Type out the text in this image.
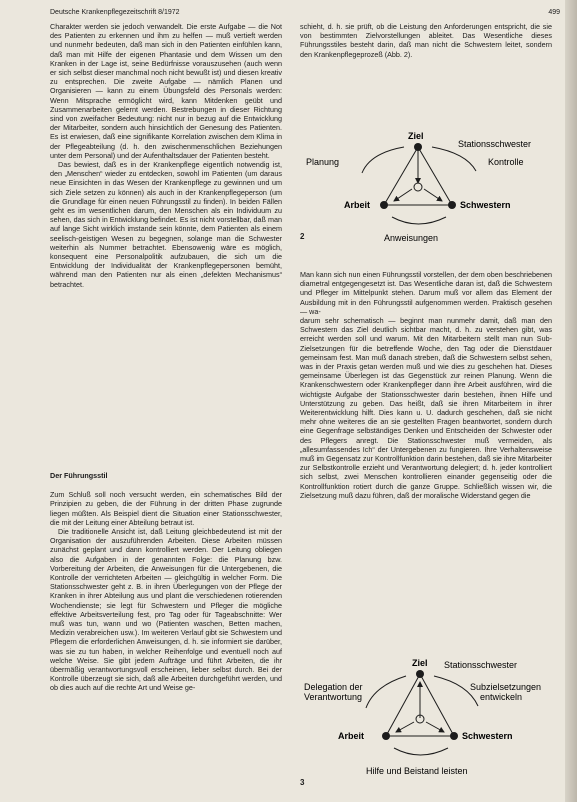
Deutsche Krankenpflegezeitschrift 8/1972	499

Charakter werden sie jedoch verwandelt. Die erste Aufgabe — die Not des Patienten zu erkennen und ihm zu helfen — muß vertieft werden und nunmehr bedeuten, daß man sich in den Patienten einfühlen kann, daß man mit Hilfe der eigenen Phantasie und dem Wissen um den Kranken in der Lage ist, seine Bedürfnisse vorauszusehen (auch wenn er sich selbst dieser manchmal noch nicht bewußt ist) und diesen kreativ zu entsprechen. Die zweite Aufgabe — nämlich Planen und Organisieren — kann zu einem Übungsfeld des Personals werden: Wenn Mitsprache ermöglicht wird, kann Mitdenken geübt und Zusammenarbeiten gelernt werden. Bestrebungen in dieser Richtung sind von zweifacher Bedeutung: nicht nur in bezug auf die Entwicklung der Mitarbeiter, sondern auch hinsichtlich der Genesung des Patienten. Es ist erwiesen, daß eine signifikante Korrelation zwischen dem Klima in der Pflegeabteilung (d. h. den zwischenmenschlichen Beziehungen unter dem Personal) und der Aufenthaltsdauer der Patienten besteht.

Das bewiest, daß es in der Krankenpflege eigentlich notwendig ist, den „Menschen“ wieder zu entdecken, sowohl im Patienten (um daraus neue Einsichten in das Wesen der Krankenpflege zu gewinnen und um sich Ziele setzen zu können) als auch in der Krankenpflegeperson (um die Grundlage für einen neuen Führungsstil zu finden). In beiden Fällen geht es im wesentlichen darum, den Menschen als ein Individuum zu sehen, das sich in Entwicklung befindet. Es ist nicht vorstellbar, daß man auf lange Sicht wirklich imstande sein könnte, dem Patienten als einem seelisch-geistigen Wesen zu begegnen, solange man die Schwester weiterhin als Nummer betrachtet. Ebensowenig wäre es möglich, konsequent eine Personalpolitik aufzubauen, die sich um die Entwicklung der Individualität der Krankenpflegepersonen bemüht, während man den Patienten nur als einen „defekten Mechanismus“ betrachtet.

Der Führungsstil

Zum Schluß soll noch versucht werden, ein schematisches Bild der Prinzipien zu geben, die der Führung in der dritten Phase zugrunde liegen müßten. Als Beispiel dient die Situation einer Stationsschwester, die mit der Leitung einer Abteilung betraut ist.

Die traditionelle Ansicht ist, daß Leitung gleichbedeutend ist mit der Organisation der auszuführenden Arbeiten. Diese Arbeiten müssen zunächst geplant und dann kontrolliert werden. Der Leitung obliegen also die Aufgaben in der genannten Folge: die Planung bzw. Vorbereitung der Arbeiten, die Anweisungen für die Untergebenen, die Kontrolle der verrichteten Arbeiten — gleichgültig in welcher Form. Die Stationsschwester geht z. B. in ihren Überlegungen von der Pflege der Kranken in ihrer Abteilung aus und plant die verschiedenen rotierenden Wochendienste; sie legt für Schwestern und Pfleger die mögliche effektive Arbeitsverteilung fest, pro Tag oder für Tageabschnitte: Wer muß was tun, wann und wo (Patienten waschen, Betten machen, Medizin verabreichen usw.). Im weiteren Verlauf gibt sie Schwestern und Pflegern die erforderlichen Anweisungen, d. h. sie informiert sie darüber, was sie zu tun haben, in welcher Reihenfolge und eventuell noch auf welche Weise. Sie gibt jedem Aufträge und führt Arbeiten, die ihr übermäßig verantwortungsvoll erscheinen, lieber selbst durch. Bei der Kontrolle überzeugt sie sich, daß alle Arbeiten durchgeführt werden, und ob dies auch auf die rechte Art und Weise ge-

schieht, d. h. sie prüft, ob die Leistung den Anforderungen entspricht, die sie von bestimmten Zielvorstellungen ableitet. Das Wesentliche dieses Führungsstiles besteht darin, daß man nicht die Schwestern leitet, sondern den Krankenpflegeprozeß (Abb. 2).

Man kann sich nun einen Führungsstil vorstellen, der dem oben beschriebenen diametral entgegengesetzt ist. Das Wesentliche daran ist, daß die Schwestern und Pfleger im Mittelpunkt stehen. Darum muß vor allem das Element der Ausbildung mit in den Führungsstil aufgenommen werden. Praktisch gesehen — wa-

darum sehr schematisch — beginnt man nunmehr damit, daß man den Schwestern das Ziel deutlich sichtbar macht, d. h. zu verstehen gibt, was erreicht werden soll und warum. Mit den Mitarbeitern stellt man nun Sub-Zielsetzungen für die betreffende Woche, den Tag oder die Dienstdauer gemeinsam fest. Man muß danach streben, daß die Schwestern selbst sehen, was in der Praxis getan werden muß und wie dies zu geschehen hat. Dieses gemeinsame Überlegen ist das Gegenstück zur reinen Planung. Wenn die Krankenschwestern oder Krankenpfleger dann ihre Arbeit ausführen, wird die wichtigste Aufgabe der Stationsschwester darin bestehen, ihnen Hilfe und Unterstützung zu geben. Das heißt, daß sie ihren Mitarbeitern in ihrer Weiterentwicklung hilft. Dies kann u. U. dadurch geschehen, daß sie nicht mehr ohne weiteres die an sie gestellten Fragen beantwortet, sondern durch eine Gegenfrage selbständiges Denken und Entscheiden der Schwester oder des Pflegers anregt. Die Stationsschwester muß vermeiden, als „allesumfassendes Ich“ der Untergebenen zu fungieren. Ihre Verhaltensweise muß im Gegensatz zur Kontrollfunktion darin bestehen, daß sie ihre Mitarbeiter zur Selbstkontrolle erzieht und Verantwortung delegiert; d. h. jeder kontrolliert sich selbst, zwei Menschen kontrollieren einander gegenseitig oder die Kontrollfunktion rotiert durch die ganze Gruppe. Schließlich wissen wir, die Zielsetzung muß dazu führen, daß der moralische Widerstand gegen die

Ziel
Stationsschwester
Planung	Kontrolle
Arbeit	Schwestern
Anweisungen
2
Ziel Stationsschwester
Delegation der
Verantwortung
Subzielsetzungen
entwickeln
Arbeit	Schwestern
Hilfe und Beistand leisten
3
